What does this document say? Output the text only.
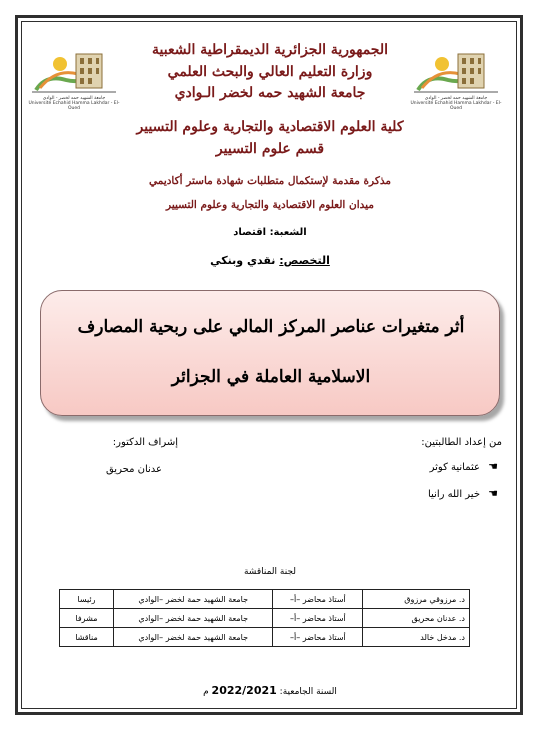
جامعة الشهيد حمه لخضر - الوادي
Université Echahid Hamma Lakhdar - El-Oued
جامعة الشهيد حمه لخضر - الوادي
Université Echahid Hamma Lakhdar - El-Oued
الجمهورية الجزائرية الديمقراطية الشعبية
وزارة التعليم العالي والبحث العلمي
جامعة الشهيد حمه لخضر الـوادي
كلية العلوم الاقتصادية والتجارية وعلوم التسيير
قسم علوم التسيير
مذكرة مقدمة لإستكمال متطلبات شهادة ماستر أكاديمي
ميدان العلوم الاقتصادية والتجارية وعلوم التسيير
الشعبة: اقتصاد
التخصص: نقدي وبنكي
أثر متغيرات عناصر المركز المالي على ربحية المصارف
الاسلامية العاملة في الجزائر
من إعداد الطالبتين:
إشراف الدكتور:
☚
عثمانية كوثر
☚
خير الله رانيا
عدنان محريق
لجنة المناقشة
د. مرزوقي مرزوق	أستاذ محاضر –أ–	جامعة الشهيد حمة لخضر –الوادي	رئيسا
د. عدنان محريق	أستاذ محاضر –أ–	جامعة الشهيد حمة لخضر –الوادي	مشرفا
د. مدخل خالد	أستاذ محاضر –أ–	جامعة الشهيد حمة لخضر –الوادي	مناقشا
السنة الجامعية: 2022/2021 م
